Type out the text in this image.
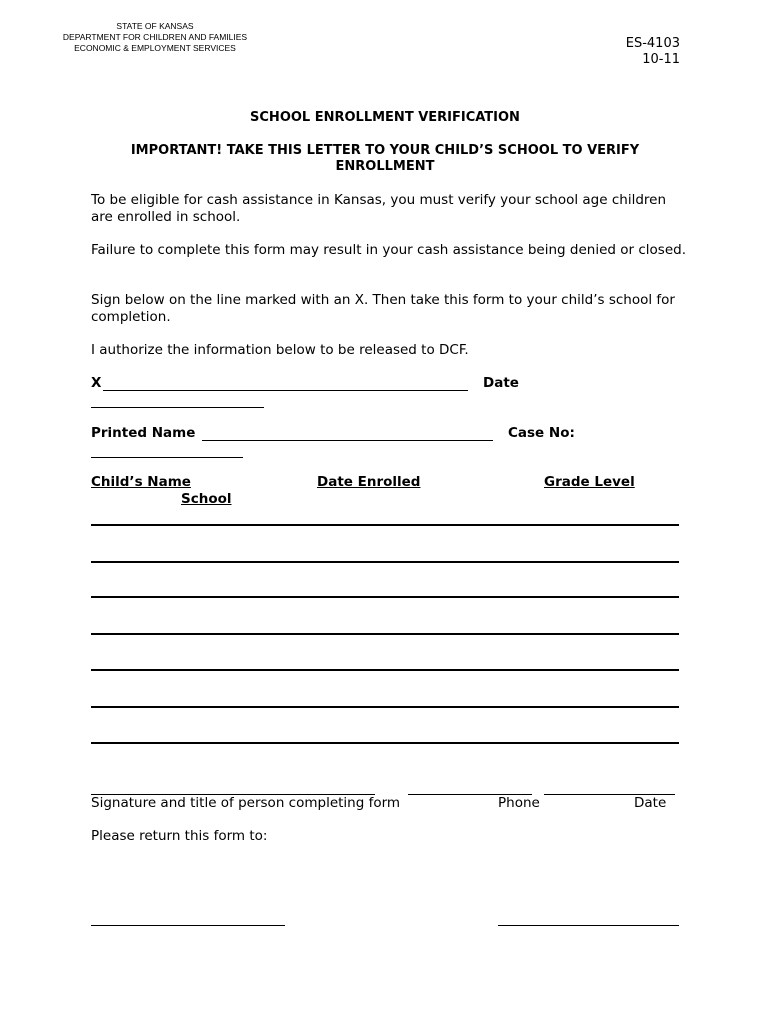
STATE OF KANSAS
DEPARTMENT FOR CHILDREN AND FAMILIES
ECONOMIC & EMPLOYMENT SERVICES	ES-4103
10-11
SCHOOL ENROLLMENT VERIFICATION
IMPORTANT! TAKE THIS LETTER TO YOUR CHILD’S SCHOOL TO VERIFY
ENROLLMENT
To be eligible for cash assistance in Kansas, you must verify your school age children are enrolled in school.
Failure to complete this form may result in your cash assistance being denied or closed.
Sign below on the line marked with an X. Then take this form to your child’s school for completion.
I authorize the information below to be released to DCF.
X	Date
Printed Name	Case No:
Child’s Name	Date Enrolled	Grade Level
School
Signature and title of person completing form	Phone	Date
Please return this form to:
